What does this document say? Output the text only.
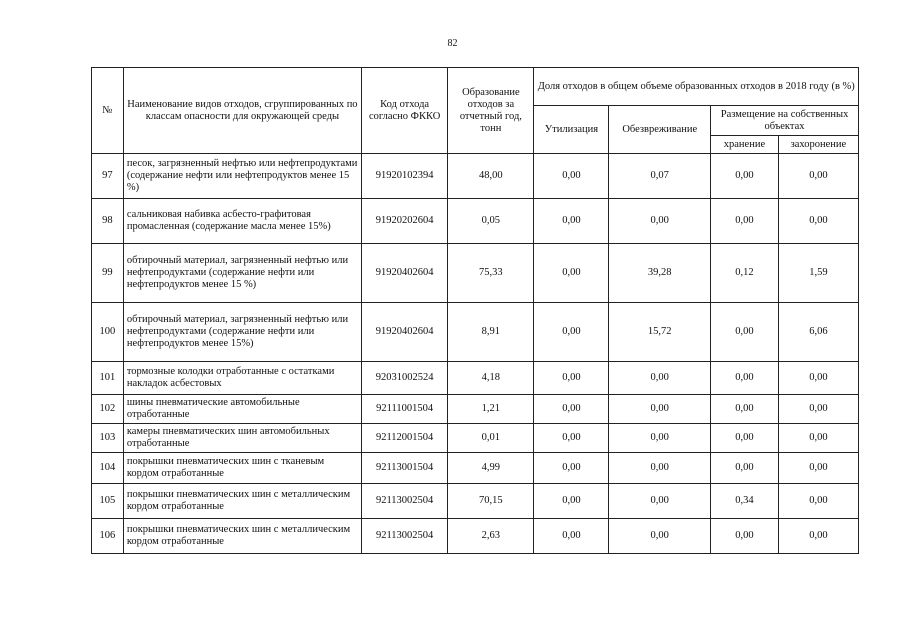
82
№	Наименование видов отходов, сгруппированных по классам опасности для окружающей среды	Код отхода согласно ФККО	Образование отходов за отчетный год, тонн	Доля отходов в общем объеме образованных отходов в 2018 году (в %)			
				Утилизация	Обезвреживание	Размещение на собственных объектах	
						хранение	захоронение
97	песок, загрязненный нефтью или нефтепродуктами (содержание нефти или нефтепродуктов менее 15 %)	91920102394	48,00	0,00	0,07	0,00	0,00
98	сальниковая набивка асбесто-графитовая промасленная (содержание масла менее 15%)	91920202604	0,05	0,00	0,00	0,00	0,00
99	обтирочный материал, загрязненный нефтью или нефтепродуктами (содержание нефти или нефтепродуктов менее 15 %)	91920402604	75,33	0,00	39,28	0,12	1,59
100	обтирочный материал, загрязненный нефтью или нефтепродуктами (содержание нефти или нефтепродуктов менее 15%)	91920402604	8,91	0,00	15,72	0,00	6,06
101	тормозные колодки отработанные с остатками накладок асбестовых	92031002524	4,18	0,00	0,00	0,00	0,00
102	шины пневматические автомобильные отработанные	92111001504	1,21	0,00	0,00	0,00	0,00
103	камеры пневматических шин автомобильных отработанные	92112001504	0,01	0,00	0,00	0,00	0,00
104	покрышки пневматических шин с тканевым кордом отработанные	92113001504	4,99	0,00	0,00	0,00	0,00
105	покрышки пневматических шин с металлическим кордом отработанные	92113002504	70,15	0,00	0,00	0,34	0,00
106	покрышки пневматических шин с металлическим кордом отработанные	92113002504	2,63	0,00	0,00	0,00	0,00
